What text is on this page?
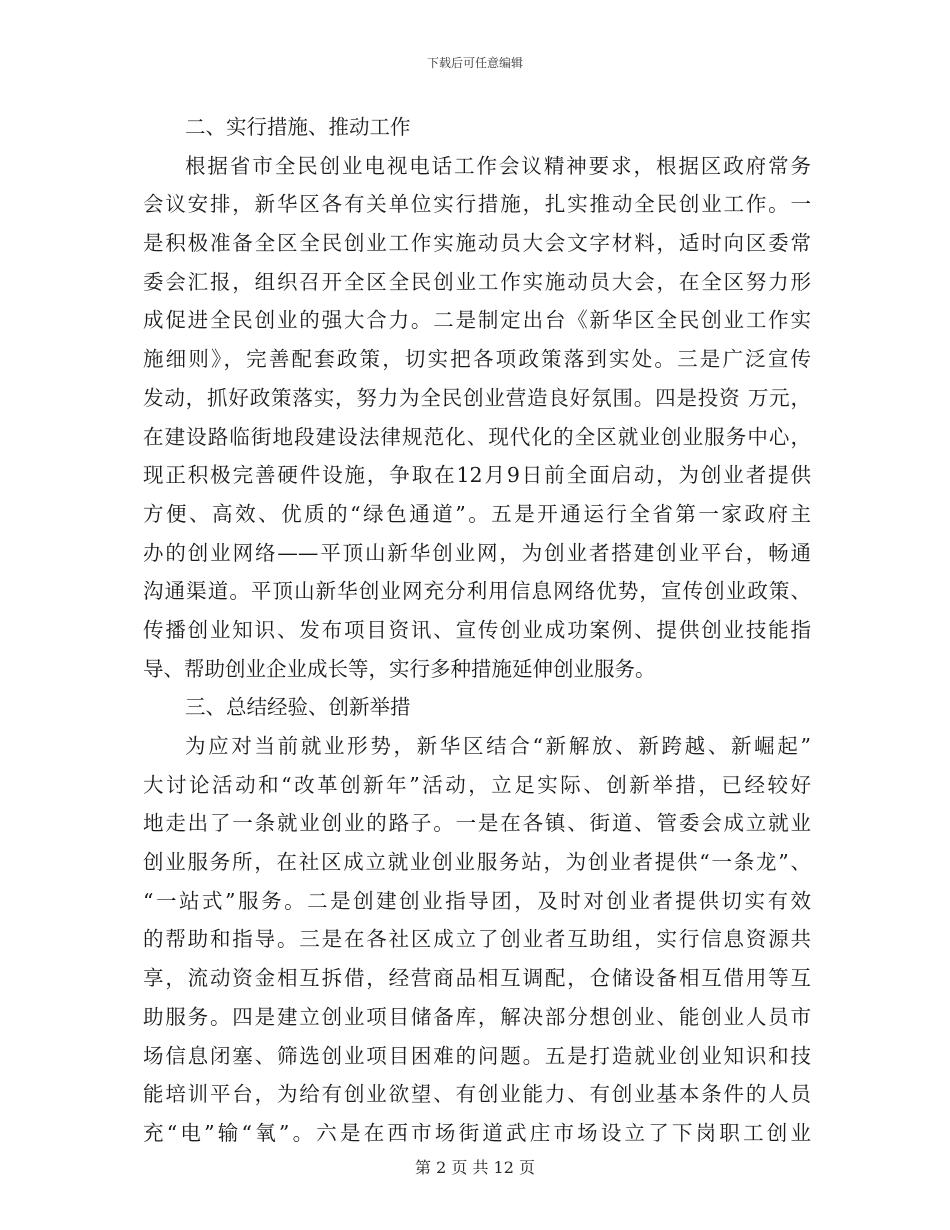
下载后可任意编辑
二、实行措施、推动工作
根据省市全民创业电视电话工作会议精神要求，根据区政府常务
会议安排，新华区各有关单位实行措施，扎实推动全民创业工作。一
是积极准备全区全民创业工作实施动员大会文字材料，适时向区委常
委会汇报，组织召开全区全民创业工作实施动员大会，在全区努力形
成促进全民创业的强大合力。二是制定出台《新华区全民创业工作实
施细则》，完善配套政策，切实把各项政策落到实处。三是广泛宣传
发动，抓好政策落实，努力为全民创业营造良好氛围。四是投资 万元，
在建设路临街地段建设法律规范化、现代化的全区就业创业服务中心，
现正积极完善硬件设施，争取在12月9日前全面启动，为创业者提供
方便、高效、优质的“绿色通道”。五是开通运行全省第一家政府主
办的创业网络——平顶山新华创业网，为创业者搭建创业平台，畅通
沟通渠道。平顶山新华创业网充分利用信息网络优势，宣传创业政策、
传播创业知识、发布项目资讯、宣传创业成功案例、提供创业技能指
导、帮助创业企业成长等，实行多种措施延伸创业服务。
三、总结经验、创新举措
为应对当前就业形势，新华区结合“新解放、新跨越、新崛起”
大讨论活动和“改革创新年”活动，立足实际、创新举措，已经较好
地走出了一条就业创业的路子。一是在各镇、街道、管委会成立就业
创业服务所，在社区成立就业创业服务站，为创业者提供“一条龙”、
“一站式”服务。二是创建创业指导团，及时对创业者提供切实有效
的帮助和指导。三是在各社区成立了创业者互助组，实行信息资源共
享，流动资金相互拆借，经营商品相互调配，仓储设备相互借用等互
助服务。四是建立创业项目储备库，解决部分想创业、能创业人员市
场信息闭塞、筛选创业项目困难的问题。五是打造就业创业知识和技
能培训平台，为给有创业欲望、有创业能力、有创业基本条件的人员
充“电”输“氧”。六是在西市场街道武庄市场设立了下岗职工创业
第 2 页 共 12 页
